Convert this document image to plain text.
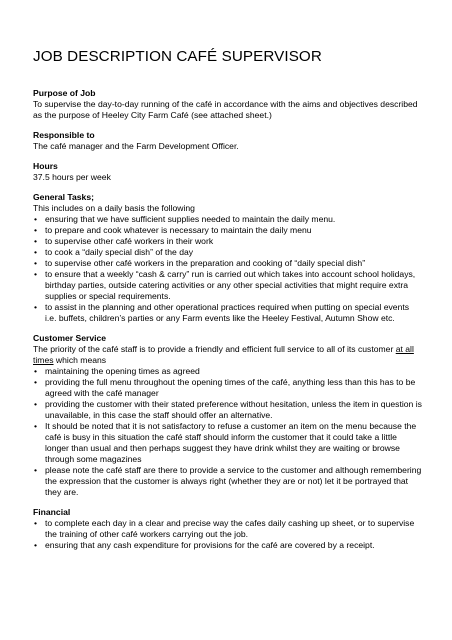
JOB DESCRIPTION CAFÉ SUPERVISOR

Purpose of Job

To supervise the day-to-day running of the café in accordance with the aims and objectives described as the purpose of Heeley City Farm Café (see attached sheet.)

Responsible to

The café manager and the Farm Development Officer.

Hours

37.5 hours per week

General Tasks;

This includes on a daily basis the following

• ensuring that we have sufficient supplies needed to maintain the daily menu.
• to prepare and cook whatever is necessary to maintain the daily menu
• to supervise other café workers in their work
• to cook a “daily special dish” of the day
• to supervise other café workers in the preparation and cooking of “daily special dish”
• to ensure that a weekly “cash & carry” run is carried out which takes into account school holidays, birthday parties, outside catering activities or any other special activities that might require extra supplies or special requirements.
• to assist in the planning and other operational practices required when putting on special events i.e. buffets, children’s parties or any Farm events like the Heeley Festival, Autumn Show etc.

Customer Service

The priority of the café staff is to provide a friendly and efficient full service to all of its customer at all times which means

• maintaining the opening times as agreed
• providing the full menu throughout the opening times of the café, anything less than this has to be agreed with the café manager
• providing the customer with their stated preference without hesitation, unless the item in question is unavailable, in this case the staff should offer an alternative.
• It should be noted that it is not satisfactory to refuse a customer an item on the menu because the café is busy in this situation the café staff should inform the customer that it could take a little longer than usual and then perhaps suggest they have drink whilst they are waiting or browse through some magazines
• please note the café staff are there to provide a service to the customer and although remembering the expression that the customer is always right (whether they are or not) let it be portrayed that they are.

Financial

• to complete each day in a clear and precise way the cafes daily cashing up sheet, or to supervise the training of other café workers carrying out the job.
• ensuring that any cash expenditure for provisions for the café are covered by a receipt.
